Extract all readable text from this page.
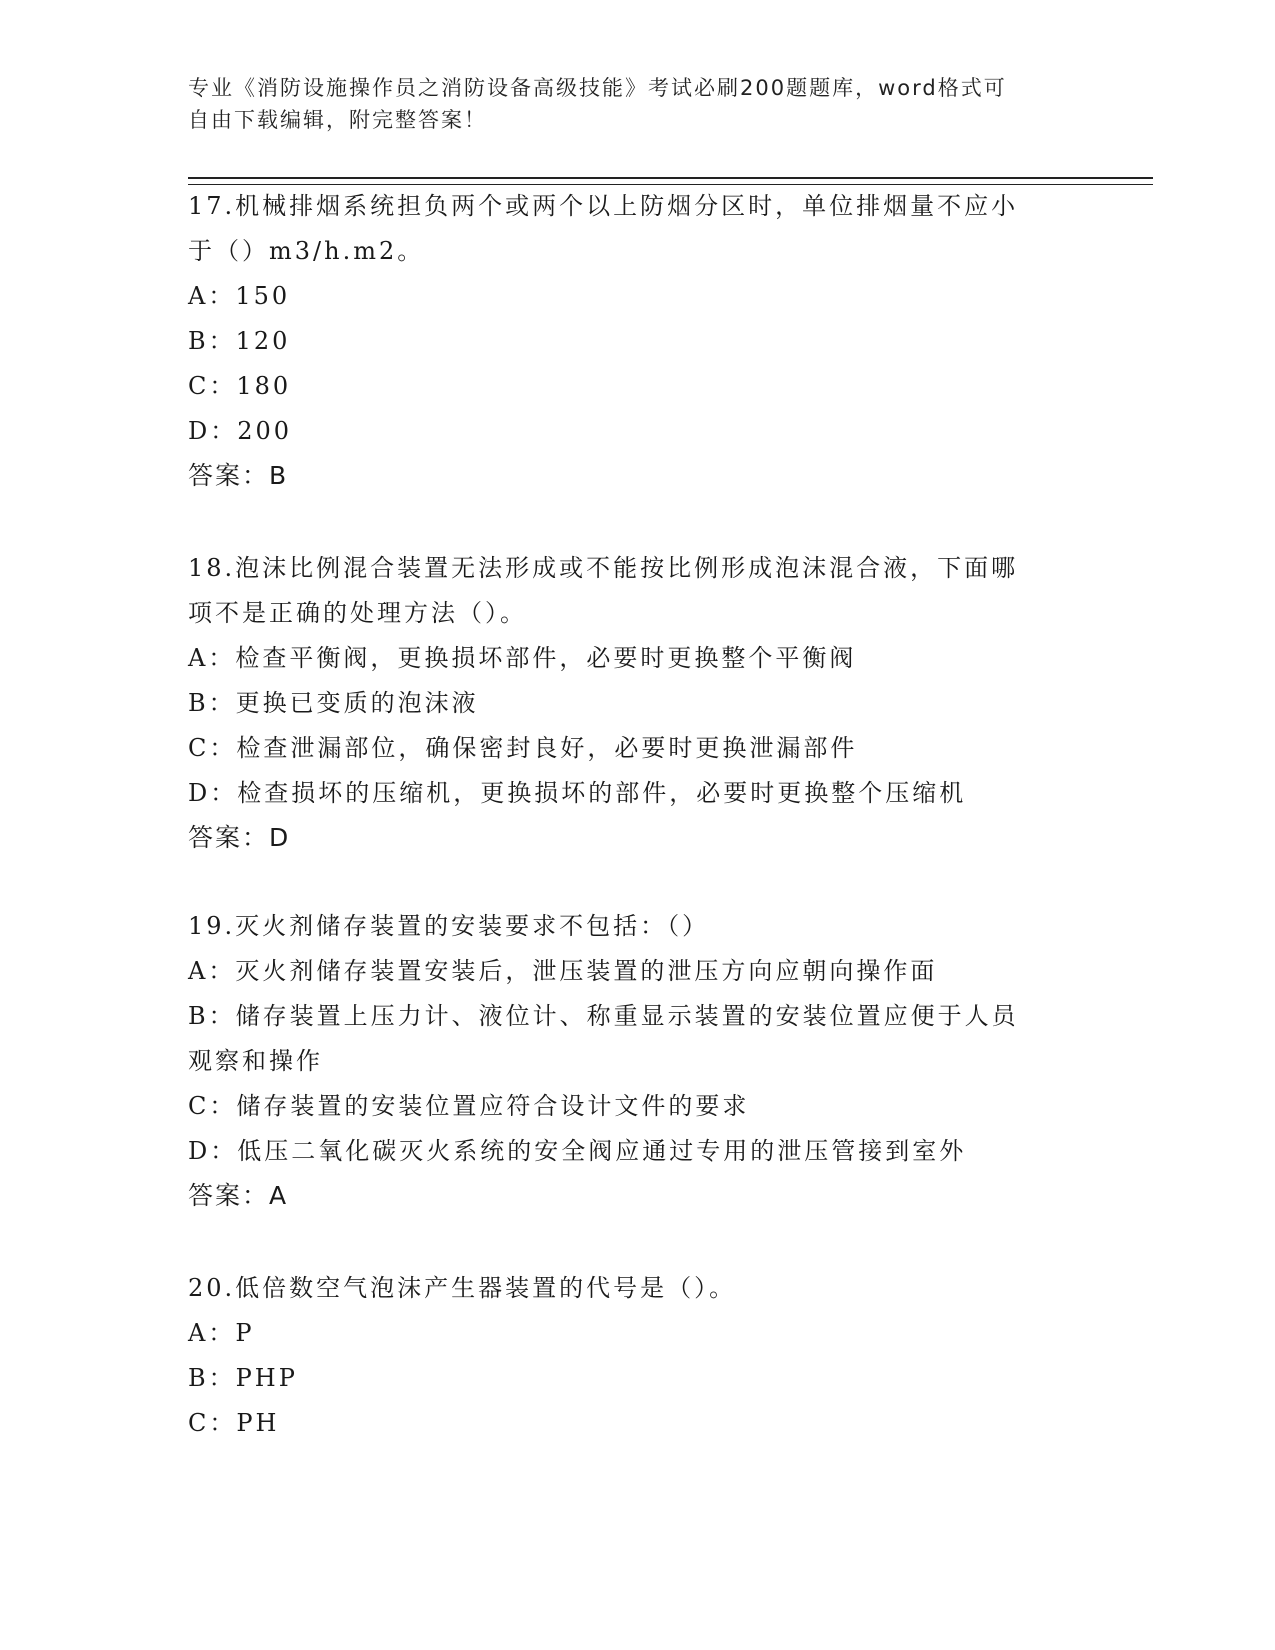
专业《消防设施操作员之消防设备高级技能》考试必刷200题题库，word格式可
自由下载编辑，附完整答案！
17.机械排烟系统担负两个或两个以上防烟分区时，单位排烟量不应小
于（）m3/h.m2。
A：150
B：120
C：180
D：200
答案：B
18.泡沫比例混合装置无法形成或不能按比例形成泡沫混合液，下面哪
项不是正确的处理方法（）。
A：检查平衡阀，更换损坏部件，必要时更换整个平衡阀
B：更换已变质的泡沫液
C：检查泄漏部位，确保密封良好，必要时更换泄漏部件
D：检查损坏的压缩机，更换损坏的部件，必要时更换整个压缩机
答案：D
19.灭火剂储存装置的安装要求不包括：（）
A：灭火剂储存装置安装后，泄压装置的泄压方向应朝向操作面
B：储存装置上压力计、液位计、称重显示装置的安装位置应便于人员
观察和操作
C：储存装置的安装位置应符合设计文件的要求
D：低压二氧化碳灭火系统的安全阀应通过专用的泄压管接到室外
答案：A
20.低倍数空气泡沫产生器装置的代号是（）。
A：P
B：PHP
C：PH
